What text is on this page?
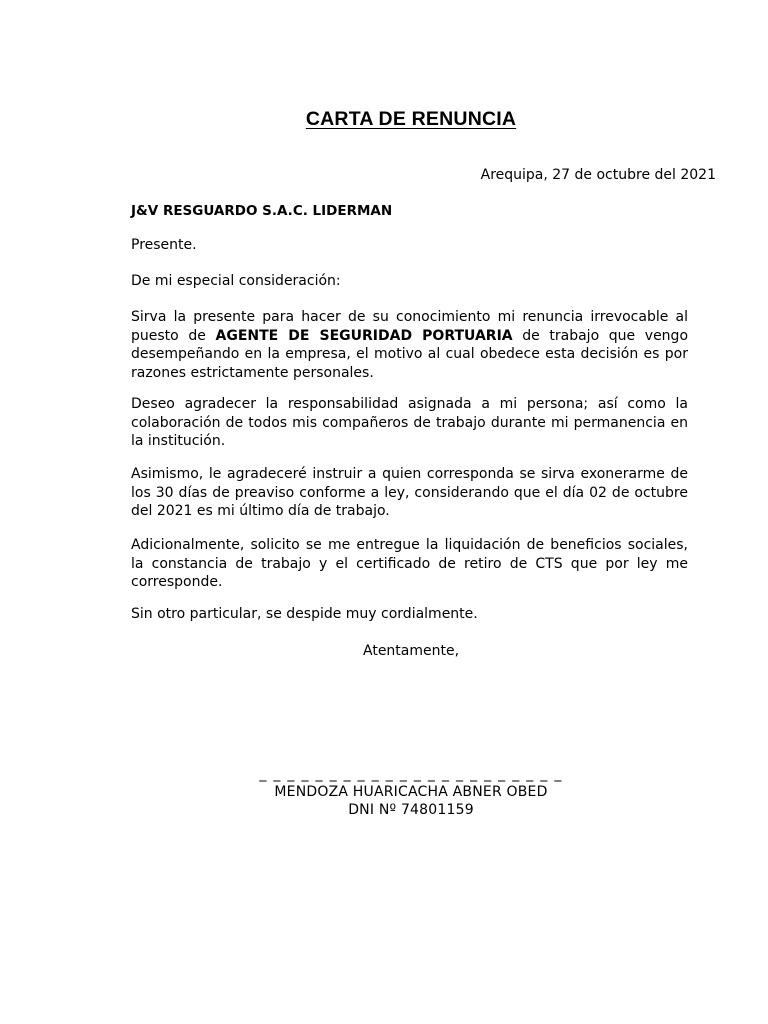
CARTA DE RENUNCIA
Arequipa, 27 de octubre del 2021
J&V RESGUARDO S.A.C. LIDERMAN
Presente.
De mi especial consideración:

Sirva la presente para hacer de su conocimiento mi renuncia irrevocable al puesto de AGENTE DE SEGURIDAD PORTUARIA de trabajo que vengo desempeñando en la empresa, el motivo al cual obedece esta decisión es por razones estrictamente personales.

Deseo agradecer la responsabilidad asignada a mi persona; así como la colaboración de todos mis compañeros de trabajo durante mi permanencia en la institución.

Asimismo, le agradeceré instruir a quien corresponda se sirva exonerarme de los 30 días de preaviso conforme a ley, considerando que el día 02 de octubre del 2021 es mi último día de trabajo.

Adicionalmente, solicito se me entregue la liquidación de beneficios sociales, la constancia de trabajo y el certificado de retiro de CTS que por ley me corresponde.

Sin otro particular, se despide muy cordialmente.
Atentamente,
_ _ _ _ _ _ _ _ _ _ _ _ _ _ _ _ _ _ _ _ _ _
MENDOZA HUARICACHA ABNER OBED
DNI Nº 74801159
